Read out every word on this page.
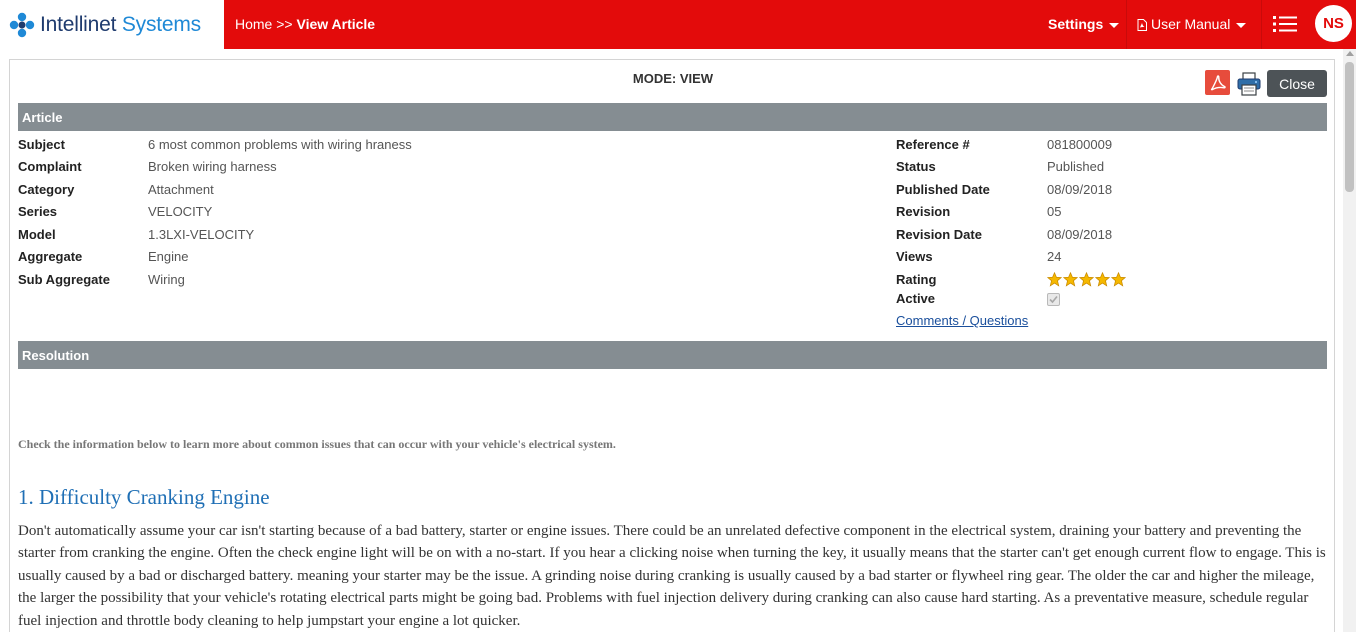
Intellinet Systems Home >> View Article	Settings	User Manual	NS
MODE: VIEW	Close
Article
Subject	6 most common problems with wiring hraness
Complaint	Broken wiring harness
Category	Attachment
Series	VELOCITY
Model	1.3LXI-VELOCITY
Aggregate	Engine
Sub Aggregate	Wiring
Reference #	081800009
Status	Published
Published Date	08/09/2018
Revision	05
Revision Date	08/09/2018
Views	24
Rating
Active
Comments / Questions
Resolution
Check the information below to learn more about common issues that can occur with your vehicle's electrical system.
1. Difficulty Cranking Engine
Don't automatically assume your car isn't starting because of a bad battery, starter or engine issues. There could be an unrelated defective component in the electrical system, draining your battery and preventing the starter from cranking the engine. Often the check engine light will be on with a no-start. If you hear a clicking noise when turning the key, it usually means that the starter can't get enough current flow to engage. This is usually caused by a bad or discharged battery. meaning your starter may be the issue. A grinding noise during cranking is usually caused by a bad starter or flywheel ring gear. The older the car and higher the mileage, the larger the possibility that your vehicle's rotating electrical parts might be going bad. Problems with fuel injection delivery during cranking can also cause hard starting. As a preventative measure, schedule regular fuel injection and throttle body cleaning to help jumpstart your engine a lot quicker.
